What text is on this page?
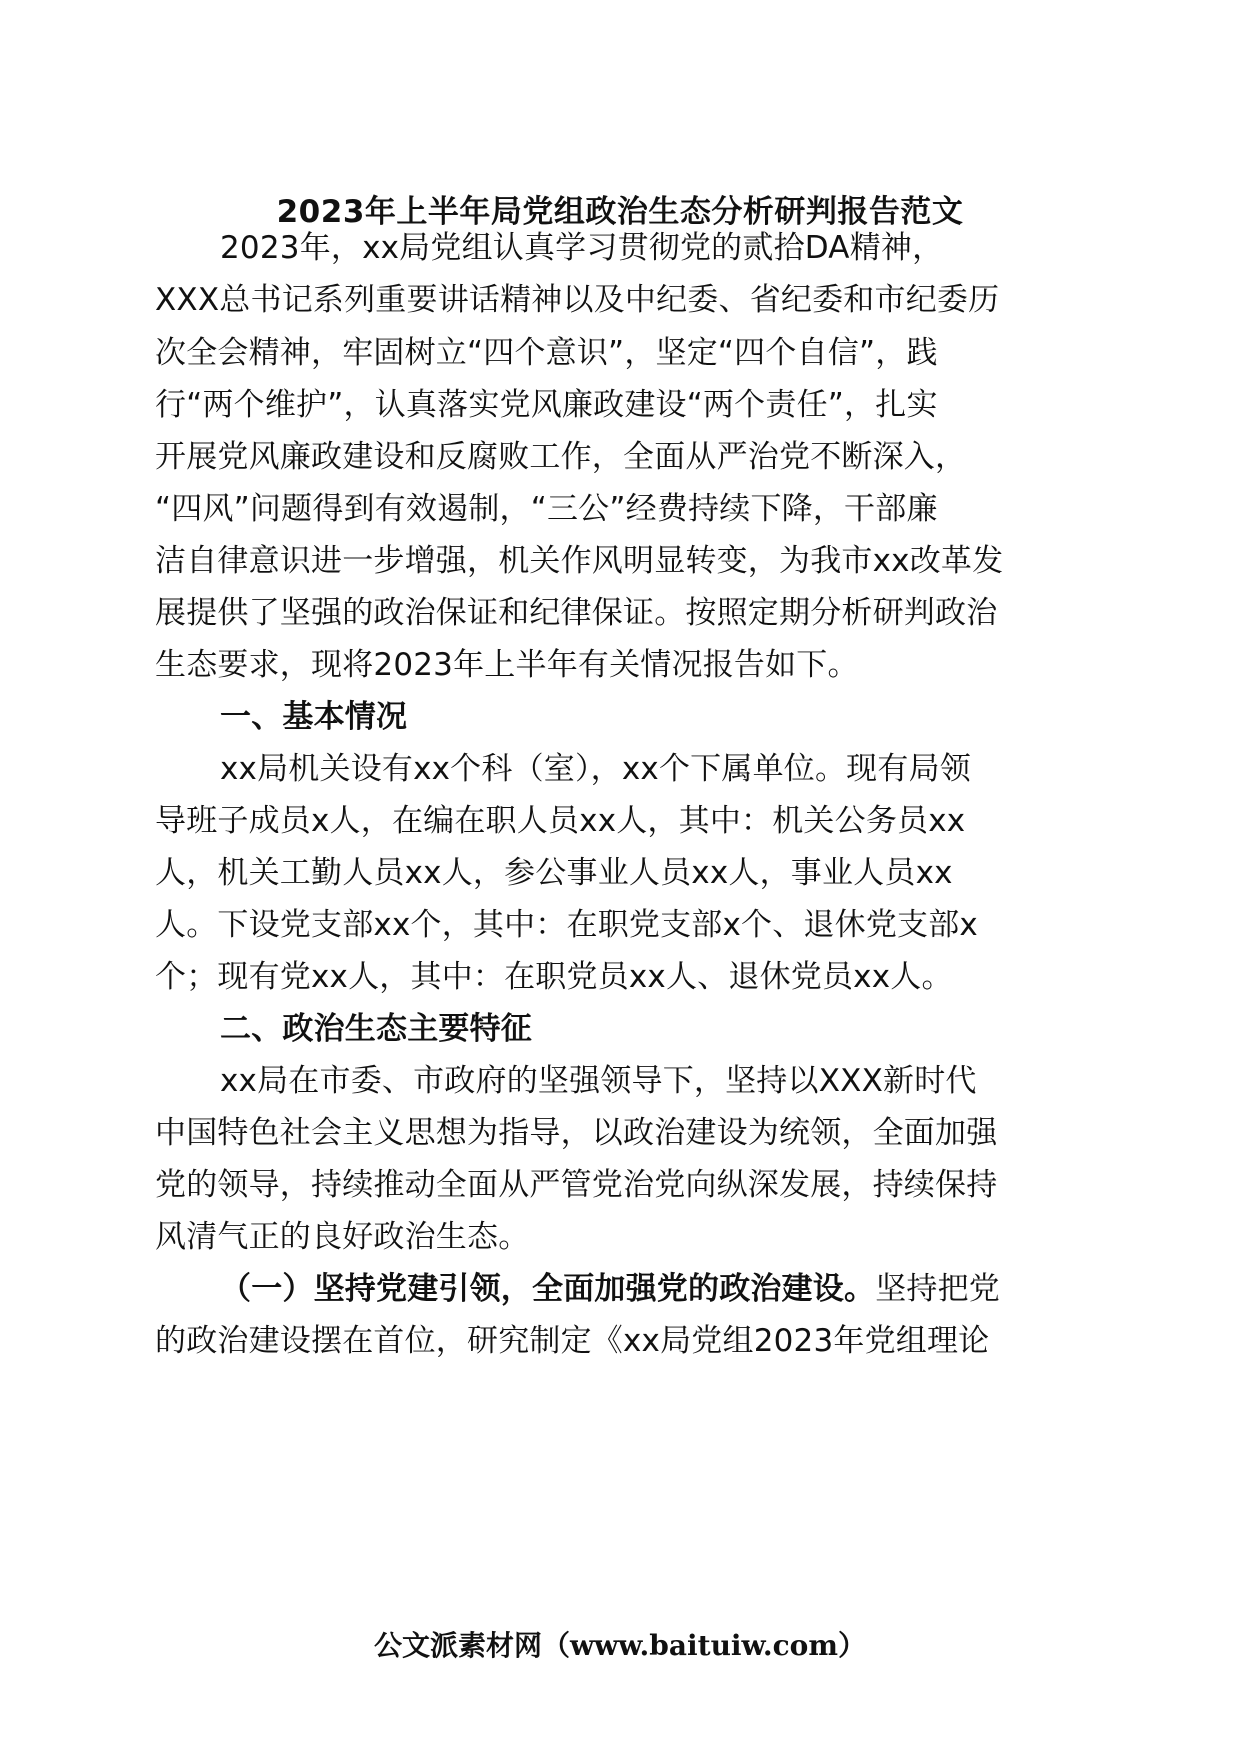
2023年上半年局党组政治生态分析研判报告范文
2023年，xx局党组认真学习贯彻党的贰拾DA精神，
XXX总书记系列重要讲话精神以及中纪委、省纪委和市纪委历
次全会精神，牢固树立“四个意识”，坚定“四个自信”，践
行“两个维护”，认真落实党风廉政建设“两个责任”，扎实
开展党风廉政建设和反腐败工作，全面从严治党不断深入，
“四风”问题得到有效遏制，“三公”经费持续下降，干部廉
洁自律意识进一步增强，机关作风明显转变，为我市xx改革发
展提供了坚强的政治保证和纪律保证。按照定期分析研判政治
生态要求，现将2023年上半年有关情况报告如下。
一、基本情况
xx局机关设有xx个科（室），xx个下属单位。现有局领
导班子成员x人，在编在职人员xx人，其中：机关公务员xx
人，机关工勤人员xx人，参公事业人员xx人，事业人员xx
人。下设党支部xx个，其中：在职党支部x个、退休党支部x
个；现有党xx人，其中：在职党员xx人、退休党员xx人。
二、政治生态主要特征
xx局在市委、市政府的坚强领导下，坚持以XXX新时代
中国特色社会主义思想为指导，以政治建设为统领，全面加强
党的领导，持续推动全面从严管党治党向纵深发展，持续保持
风清气正的良好政治生态。
（一）坚持党建引领，全面加强党的政治建设。坚持把党
的政治建设摆在首位，研究制定《xx局党组2023年党组理论
公文派素材网（www.baituiw.com）
